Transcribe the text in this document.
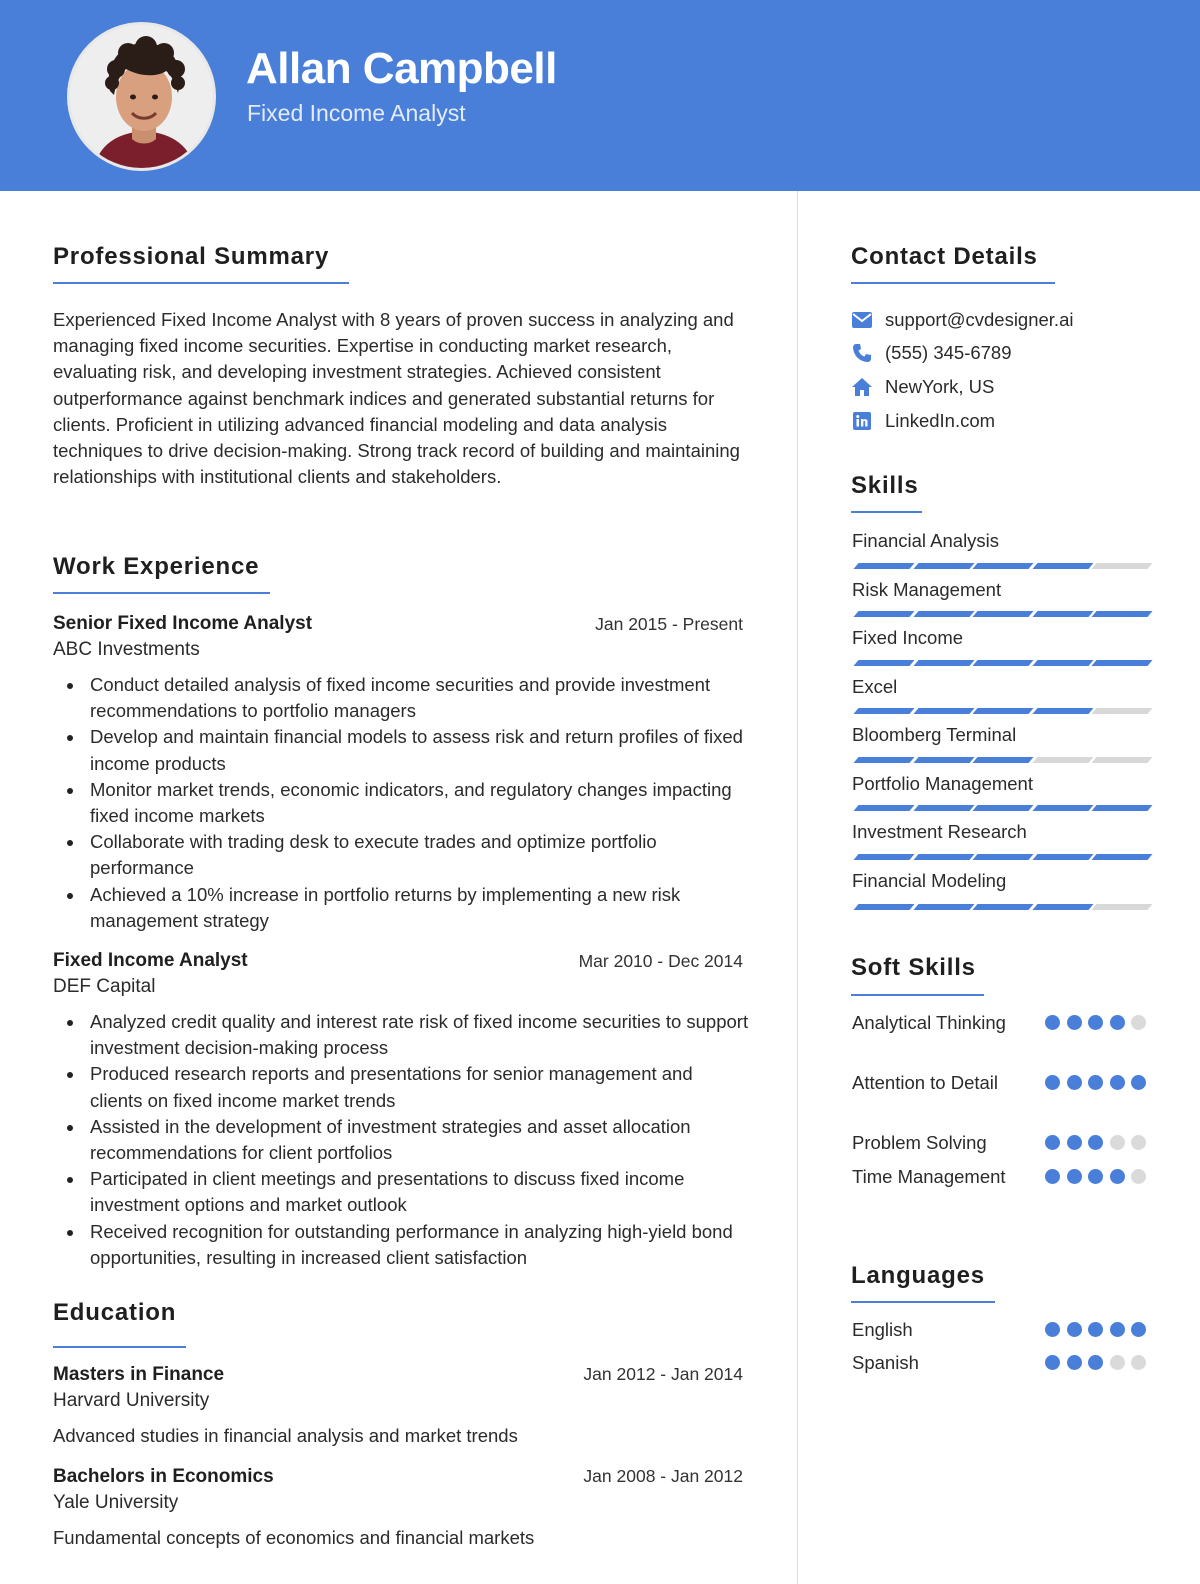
Allan Campbell
Fixed Income Analyst
Professional Summary
Experienced Fixed Income Analyst with 8 years of proven success in analyzing and managing fixed income securities. Expertise in conducting market research, evaluating risk, and developing investment strategies. Achieved consistent outperformance against benchmark indices and generated substantial returns for clients. Proficient in utilizing advanced financial modeling and data analysis techniques to drive decision-making. Strong track record of building and maintaining relationships with institutional clients and stakeholders.
Work Experience
Senior Fixed Income Analyst	Jan 2015 - Present
ABC Investments
Conduct detailed analysis of fixed income securities and provide investment recommendations to portfolio managers
Develop and maintain financial models to assess risk and return profiles of fixed income products
Monitor market trends, economic indicators, and regulatory changes impacting fixed income markets
Collaborate with trading desk to execute trades and optimize portfolio performance
Achieved a 10% increase in portfolio returns by implementing a new risk management strategy
Fixed Income Analyst	Mar 2010 - Dec 2014
DEF Capital
Analyzed credit quality and interest rate risk of fixed income securities to support investment decision-making process
Produced research reports and presentations for senior management and clients on fixed income market trends
Assisted in the development of investment strategies and asset allocation recommendations for client portfolios
Participated in client meetings and presentations to discuss fixed income investment options and market outlook
Received recognition for outstanding performance in analyzing high-yield bond opportunities, resulting in increased client satisfaction
Education
Masters in Finance	Jan 2012 - Jan 2014
Harvard University
Advanced studies in financial analysis and market trends
Bachelors in Economics	Jan 2008 - Jan 2012
Yale University
Fundamental concepts of economics and financial markets
Contact Details
support@cvdesigner.ai
(555) 345-6789
NewYork, US
LinkedIn.com
Skills
Financial Analysis
Risk Management
Fixed Income
Excel
Bloomberg Terminal
Portfolio Management
Investment Research
Financial Modeling
Soft Skills
Analytical Thinking
Attention to Detail
Problem Solving
Time Management
Languages
English
Spanish
